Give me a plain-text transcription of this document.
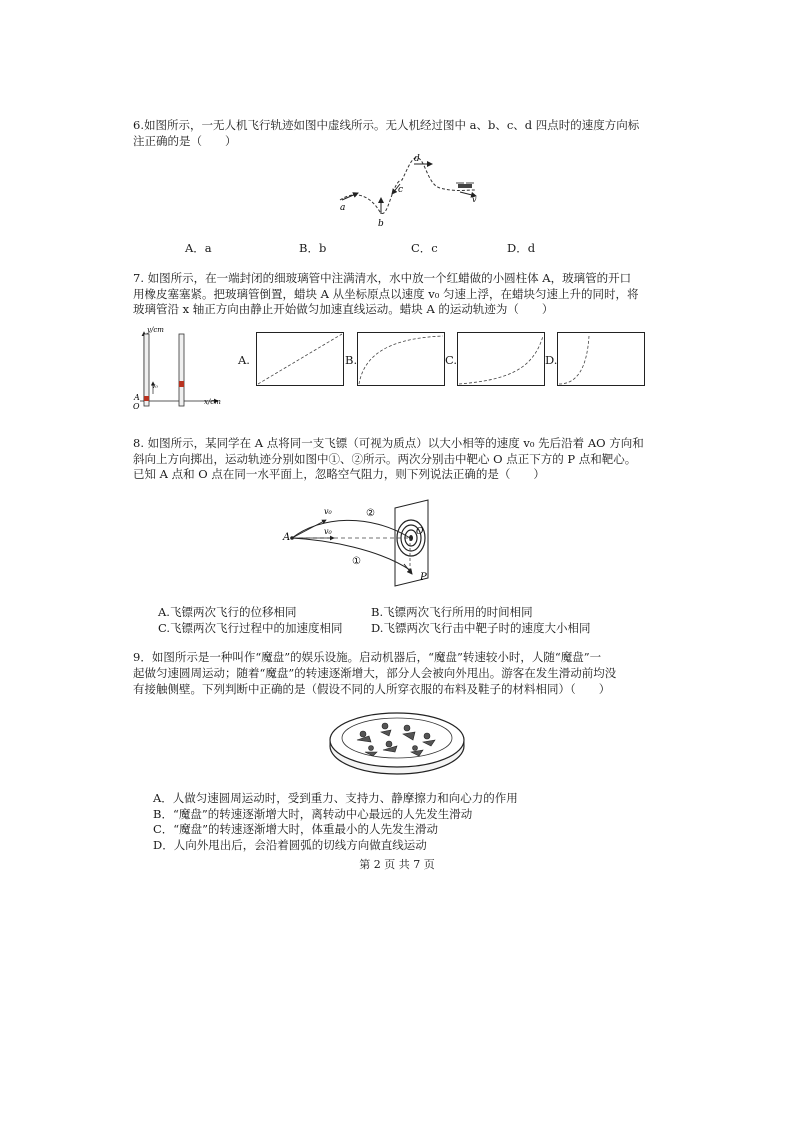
6.如图所示，一无人机飞行轨迹如图中虚线所示。无人机经过图中 a、b、c、d 四点时的速度方向标
注正确的是（　　）
a
b
c
d
v
A．a	B．b	C．c	D．d
7. 如图所示，在一端封闭的细玻璃管中注满清水，水中放一个红蜡做的小圆柱体 A，玻璃管的开口
用橡皮塞塞紧。把玻璃管倒置，蜡块 A 从坐标原点以速度 v₀ 匀速上浮，在蜡块匀速上升的同时，将
玻璃管沿 x 轴正方向由静止开始做匀加速直线运动。蜡块 A 的运动轨迹为（　　）
y/cm
x/cm
O
A
v₀
A.	B.	C.	D.
8. 如图所示，某同学在 A 点将同一支飞镖（可视为质点）以大小相等的速度 v₀ 先后沿着 AO 方向和
斜向上方向掷出，运动轨迹分别如图中①、②所示。两次分别击中靶心 O 点正下方的 P 点和靶心。
已知 A 点和 O 点在同一水平面上，忽略空气阻力，则下列说法正确的是（　　）
A
v₀
v₀
②
①
O
P
A.飞镖两次飞行的位移相同	B.飞镖两次飞行所用的时间相同
C.飞镖两次飞行过程中的加速度相同 D.飞镖两次飞行击中靶子时的速度大小相同
9．如图所示是一种叫作“魔盘”的娱乐设施。启动机器后，“魔盘”转速较小时，人随“魔盘”一
起做匀速圆周运动；随着“魔盘”的转速逐渐增大，部分人会被向外甩出。游客在发生滑动前均没
有接触侧壁。下列判断中正确的是（假设不同的人所穿衣服的布料及鞋子的材料相同）（　　）
A．人做匀速圆周运动时，受到重力、支持力、静摩擦力和向心力的作用
B．“魔盘”的转速逐渐增大时，离转动中心最远的人先发生滑动
C．“魔盘”的转速逐渐增大时，体重最小的人先发生滑动
D．人向外甩出后，会沿着圆弧的切线方向做直线运动
第 2 页 共 7 页
